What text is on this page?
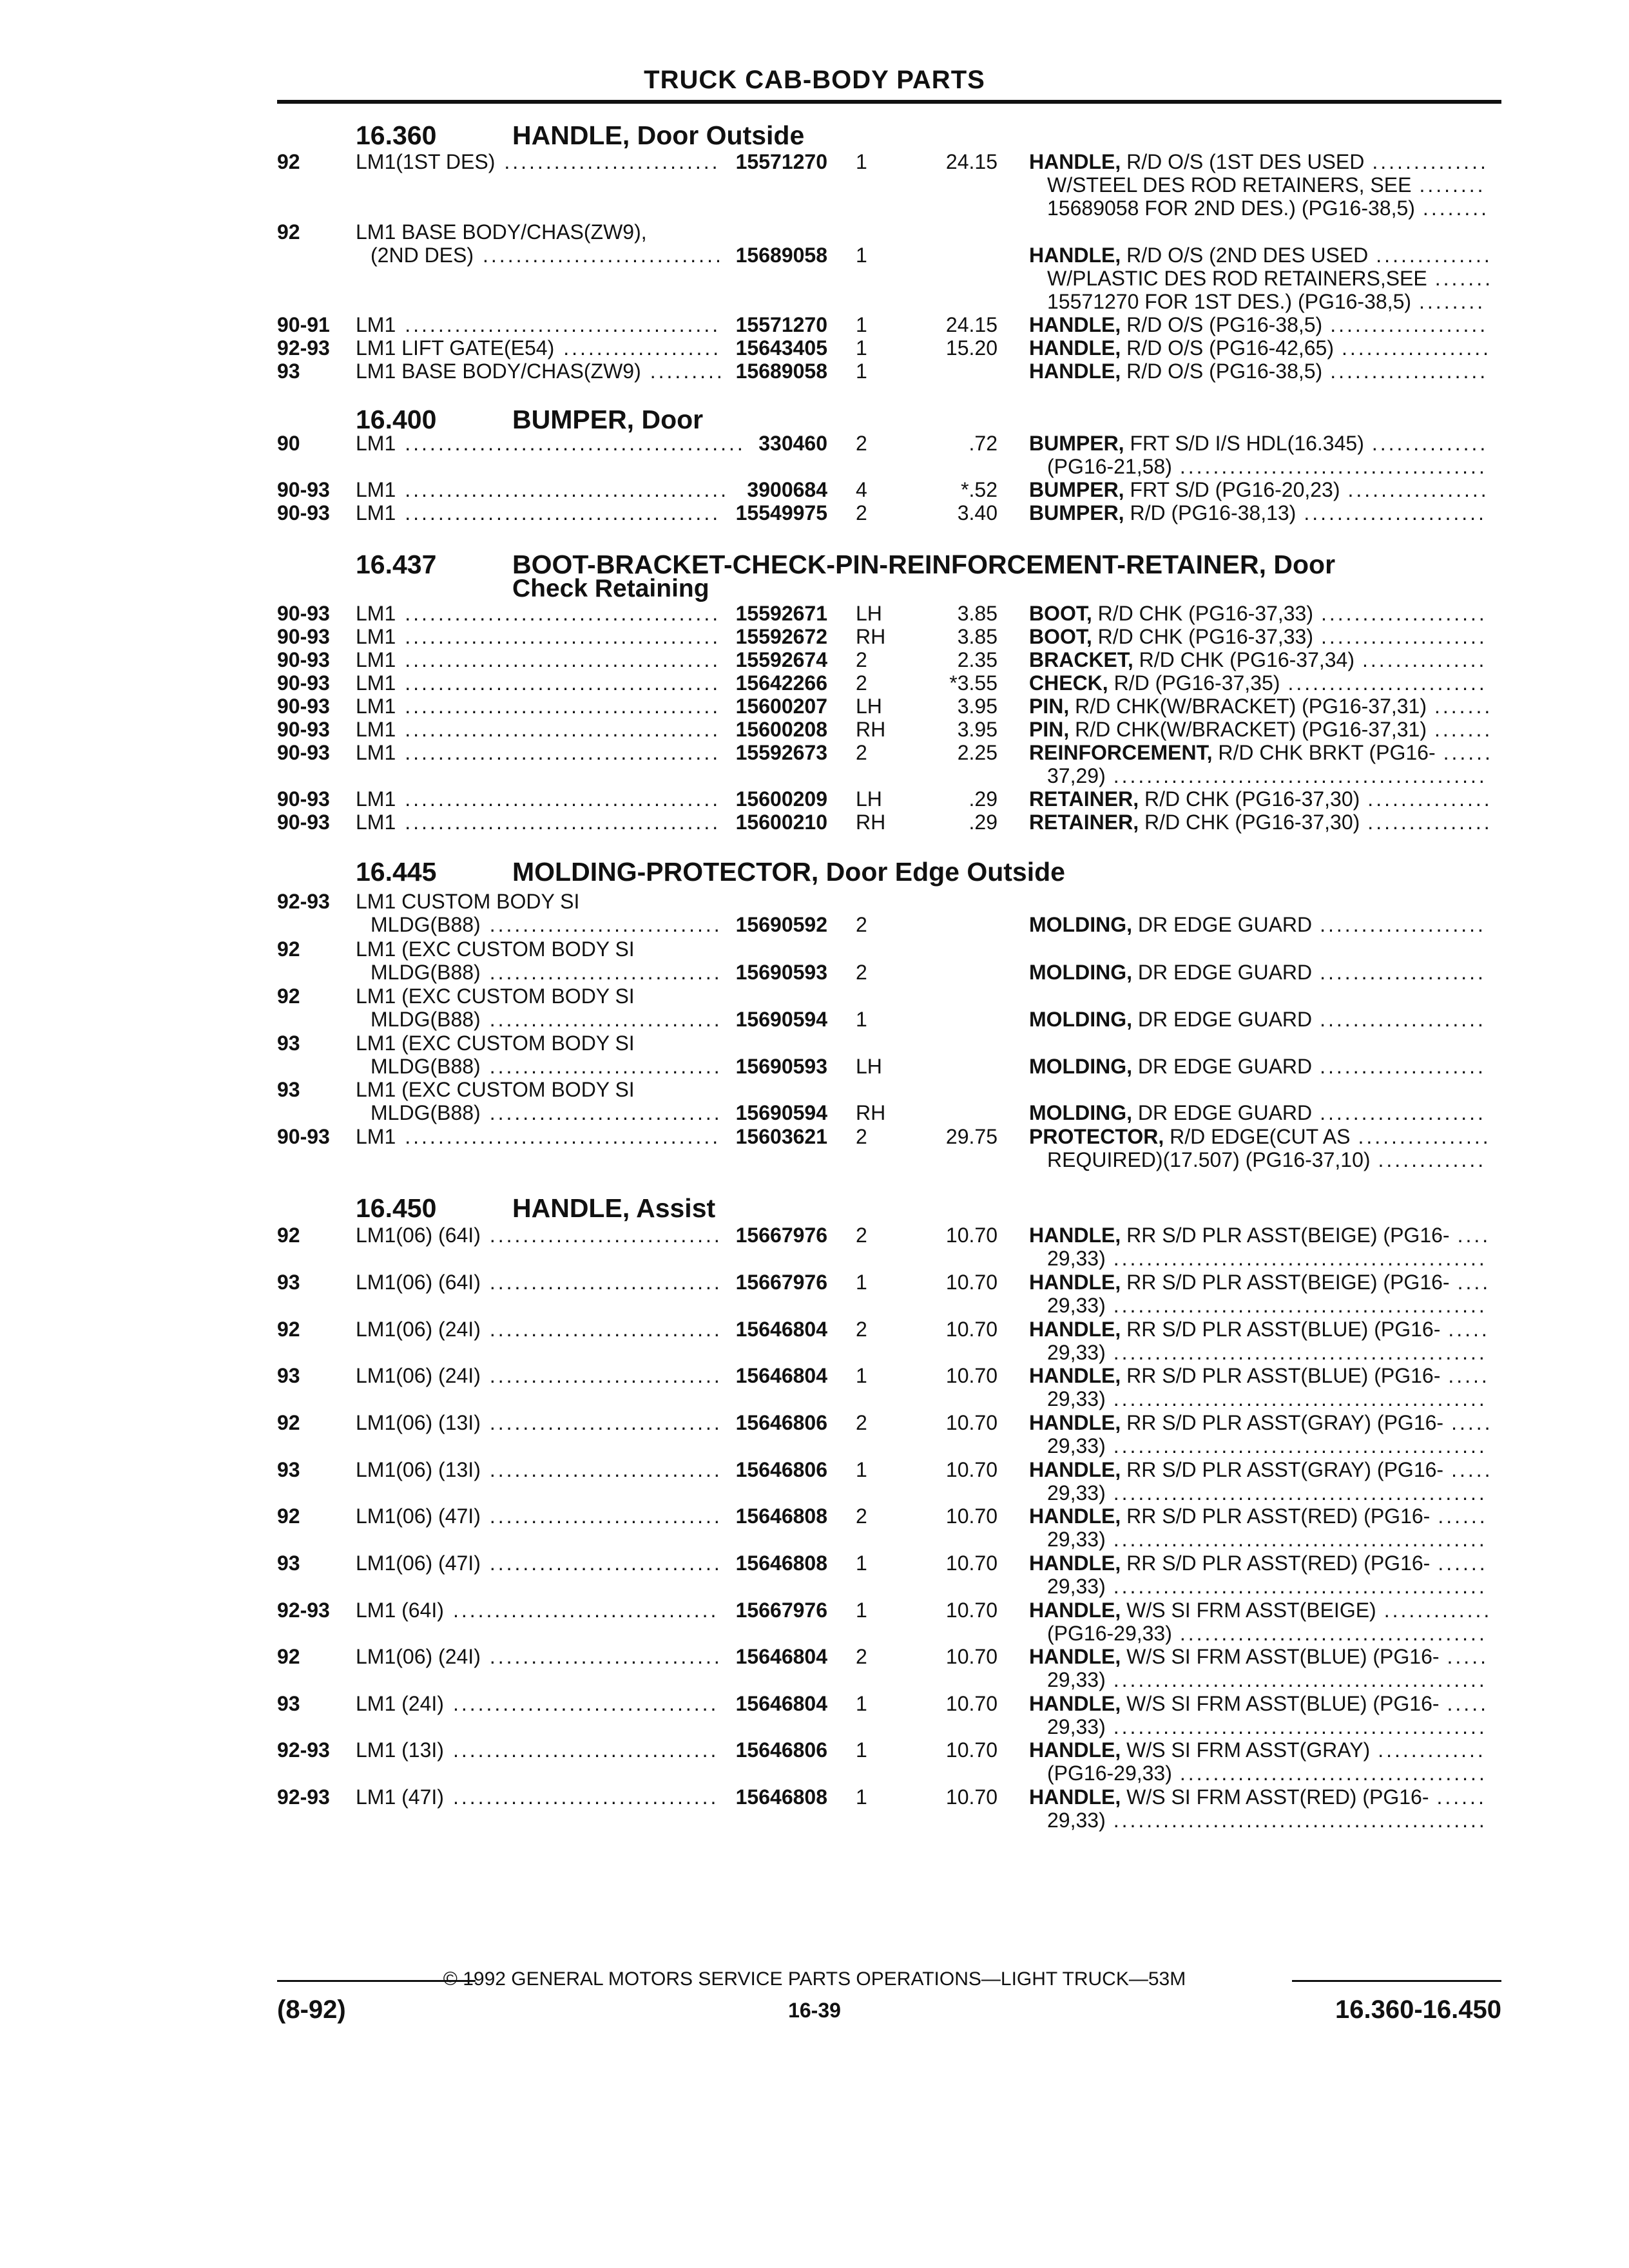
TRUCK CAB-BODY PARTS
16.360	HANDLE, Door Outside
92	LM1(1ST DES) .......................... 15571270 1	24.15 HANDLE, R/D O/S (1ST DES USED ..............
W/STEEL DES ROD RETAINERS, SEE ........
15689058 FOR 2ND DES.) (PG16-38,5) ........
92	LM1 BASE BODY/CHAS(ZW9),
(2ND DES) ............................. 15689058 1	HANDLE, R/D O/S (2ND DES USED ..............
W/PLASTIC DES ROD RETAINERS,SEE .......
15571270 FOR 1ST DES.) (PG16-38,5) ........
90-91 LM1 ...................................... 15571270 1	24.15 HANDLE, R/D O/S (PG16-38,5) ...................
92-93 LM1 LIFT GATE(E54) ................... 15643405 1	15.20 HANDLE, R/D O/S (PG16-42,65) ..................
93	LM1 BASE BODY/CHAS(ZW9) ......... 15689058 1	HANDLE, R/D O/S (PG16-38,5) ...................
16.400	BUMPER, Door
90	LM1 ......................................... 330460 2	.72 BUMPER, FRT S/D I/S HDL(16.345) ..............
(PG16-21,58) .....................................
90-93 LM1 ....................................... 3900684 4	*.52 BUMPER, FRT S/D (PG16-20,23) .................
90-93 LM1 ...................................... 15549975 2	3.40 BUMPER, R/D (PG16-38,13) ......................
16.437	BOOT-BRACKET-CHECK-PIN-REINFORCEMENT-RETAINER, Door
Check Retaining
90-93 LM1 ...................................... 15592671 LH	3.85 BOOT, R/D CHK (PG16-37,33) ....................
90-93 LM1 ...................................... 15592672 RH	3.85 BOOT, R/D CHK (PG16-37,33) ....................
90-93 LM1 ...................................... 15592674 2	2.35 BRACKET, R/D CHK (PG16-37,34) ...............
90-93 LM1 ...................................... 15642266 2	*3.55 CHECK, R/D (PG16-37,35) ........................
90-93 LM1 ...................................... 15600207 LH	3.95 PIN, R/D CHK(W/BRACKET) (PG16-37,31) .......
90-93 LM1 ...................................... 15600208 RH	3.95 PIN, R/D CHK(W/BRACKET) (PG16-37,31) .......
90-93 LM1 ...................................... 15592673 2	2.25 REINFORCEMENT, R/D CHK BRKT (PG16- ......
37,29) .............................................
90-93 LM1 ...................................... 15600209 LH	.29 RETAINER, R/D CHK (PG16-37,30) ...............
90-93 LM1 ...................................... 15600210 RH	.29 RETAINER, R/D CHK (PG16-37,30) ...............
16.445	MOLDING-PROTECTOR, Door Edge Outside
92-93 LM1 CUSTOM BODY SI
MLDG(B88) ............................ 15690592 2	MOLDING, DR EDGE GUARD ....................
92	LM1 (EXC CUSTOM BODY SI
MLDG(B88) ............................ 15690593 2	MOLDING, DR EDGE GUARD ....................
92	LM1 (EXC CUSTOM BODY SI
MLDG(B88) ............................ 15690594 1	MOLDING, DR EDGE GUARD ....................
93	LM1 (EXC CUSTOM BODY SI
MLDG(B88) ............................ 15690593 LH	MOLDING, DR EDGE GUARD ....................
93	LM1 (EXC CUSTOM BODY SI
MLDG(B88) ............................ 15690594 RH	MOLDING, DR EDGE GUARD ....................
90-93 LM1 ...................................... 15603621 2	29.75 PROTECTOR, R/D EDGE(CUT AS ................
REQUIRED)(17.507) (PG16-37,10) .............
16.450	HANDLE, Assist
92	LM1(06) (64I) ............................ 15667976 2	10.70 HANDLE, RR S/D PLR ASST(BEIGE) (PG16- ....
29,33) .............................................
93	LM1(06) (64I) ............................ 15667976 1	10.70 HANDLE, RR S/D PLR ASST(BEIGE) (PG16- ....
29,33) .............................................
92	LM1(06) (24I) ............................ 15646804 2	10.70 HANDLE, RR S/D PLR ASST(BLUE) (PG16- .....
29,33) .............................................
93	LM1(06) (24I) ............................ 15646804 1	10.70 HANDLE, RR S/D PLR ASST(BLUE) (PG16- .....
29,33) .............................................
92	LM1(06) (13I) ............................ 15646806 2	10.70 HANDLE, RR S/D PLR ASST(GRAY) (PG16- .....
29,33) .............................................
93	LM1(06) (13I) ............................ 15646806 1	10.70 HANDLE, RR S/D PLR ASST(GRAY) (PG16- .....
29,33) .............................................
92	LM1(06) (47I) ............................ 15646808 2	10.70 HANDLE, RR S/D PLR ASST(RED) (PG16- ......
29,33) .............................................
93	LM1(06) (47I) ............................ 15646808 1	10.70 HANDLE, RR S/D PLR ASST(RED) (PG16- ......
29,33) .............................................
92-93 LM1 (64I) ................................ 15667976 1	10.70 HANDLE, W/S SI FRM ASST(BEIGE) .............
(PG16-29,33) .....................................
92	LM1(06) (24I) ............................ 15646804 2	10.70 HANDLE, W/S SI FRM ASST(BLUE) (PG16- .....
29,33) .............................................
93	LM1 (24I) ................................ 15646804 1	10.70 HANDLE, W/S SI FRM ASST(BLUE) (PG16- .....
29,33) .............................................
92-93 LM1 (13I) ................................ 15646806 1	10.70 HANDLE, W/S SI FRM ASST(GRAY) .............
(PG16-29,33) .....................................
92-93 LM1 (47I) ................................ 15646808 1	10.70 HANDLE, W/S SI FRM ASST(RED) (PG16- ......
29,33) .............................................
© 1992 GENERAL MOTORS SERVICE PARTS OPERATIONS—LIGHT TRUCK—53M
(8-92)	16-39	16.360-16.450
